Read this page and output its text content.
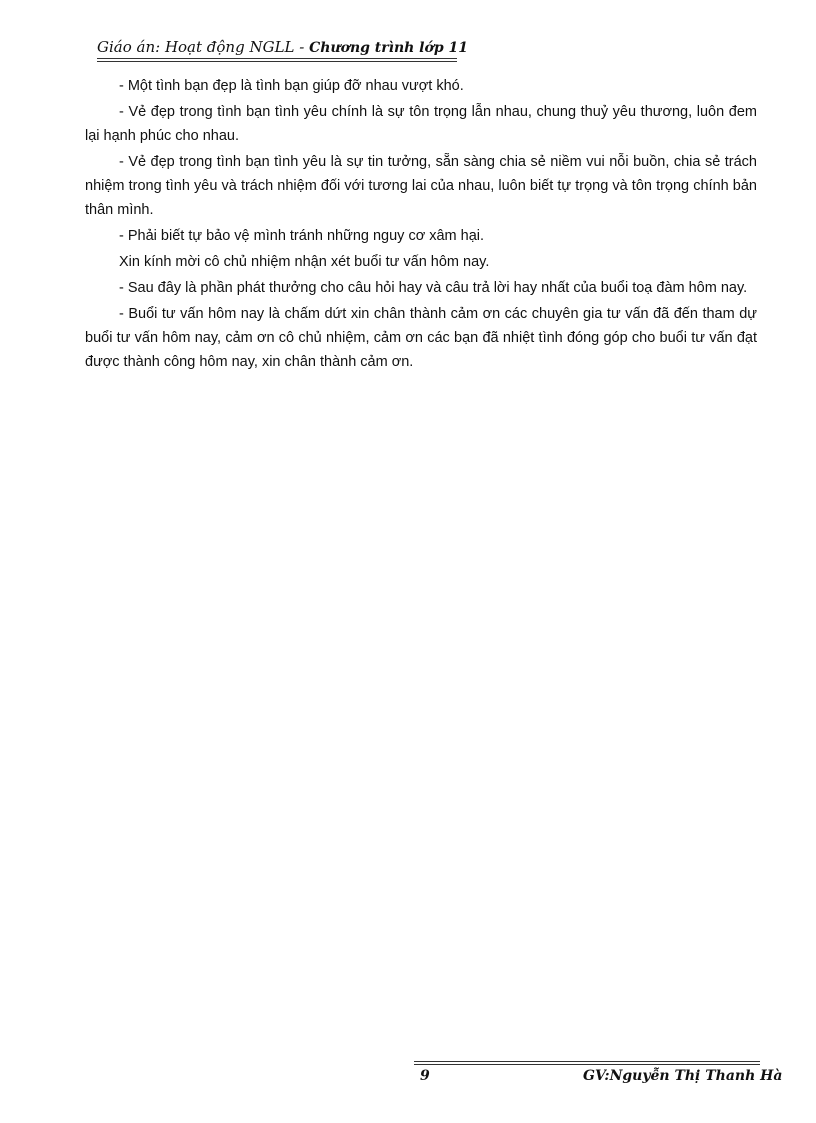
Giáo án: Hoạt động NGLL - Chương trình lớp 11

- Một tình bạn đẹp là tình bạn giúp đỡ nhau vượt khó.

- Vẻ đẹp trong tình bạn tình yêu chính là sự tôn trọng lẫn nhau, chung thuỷ yêu thương, luôn đem lại hạnh phúc cho nhau.

- Vẻ đẹp trong tình bạn tình yêu là sự tin tưởng, sẵn sàng chia sẻ niềm vui nỗi buồn, chia sẻ trách nhiệm trong tình yêu và trách nhiệm đối với tương lai của nhau, luôn biết tự trọng và tôn trọng chính bản thân mình.

- Phải biết tự bảo vệ mình tránh những nguy cơ xâm hại.

Xin kính mời cô chủ nhiệm nhận xét buổi tư vấn hôm nay.

- Sau đây là phần phát thưởng cho câu hỏi hay và câu trả lời hay nhất của buổi toạ đàm hôm nay.

- Buổi tư vấn hôm nay là chấm dứt xin chân thành cảm ơn các chuyên gia tư vấn đã đến tham dự buổi tư vấn hôm nay, cảm ơn cô chủ nhiệm, cảm ơn các bạn đã nhiệt tình đóng góp cho buổi tư vấn đạt được thành công hôm nay, xin chân thành cảm ơn.

9	GV:Nguyễn Thị Thanh Hà
